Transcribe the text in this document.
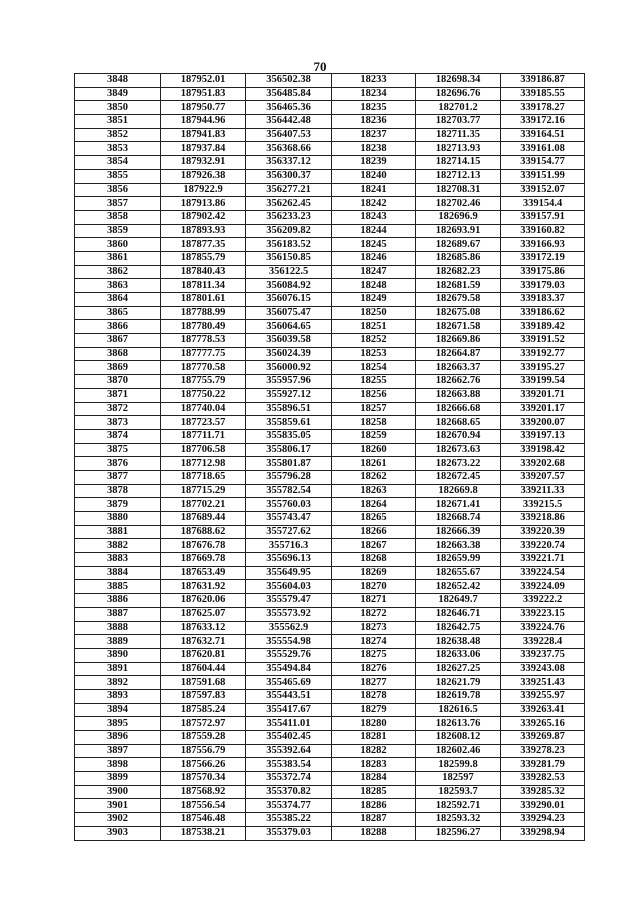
70
3848	187952.01	356502.38	18233	182698.34	339186.87
3849	187951.83	356485.84	18234	182696.76	339185.55
3850	187950.77	356465.36	18235	182701.2	339178.27
3851	187944.96	356442.48	18236	182703.77	339172.16
3852	187941.83	356407.53	18237	182711.35	339164.51
3853	187937.84	356368.66	18238	182713.93	339161.08
3854	187932.91	356337.12	18239	182714.15	339154.77
3855	187926.38	356300.37	18240	182712.13	339151.99
3856	187922.9	356277.21	18241	182708.31	339152.07
3857	187913.86	356262.45	18242	182702.46	339154.4
3858	187902.42	356233.23	18243	182696.9	339157.91
3859	187893.93	356209.82	18244	182693.91	339160.82
3860	187877.35	356183.52	18245	182689.67	339166.93
3861	187855.79	356150.85	18246	182685.86	339172.19
3862	187840.43	356122.5	18247	182682.23	339175.86
3863	187811.34	356084.92	18248	182681.59	339179.03
3864	187801.61	356076.15	18249	182679.58	339183.37
3865	187788.99	356075.47	18250	182675.08	339186.62
3866	187780.49	356064.65	18251	182671.58	339189.42
3867	187778.53	356039.58	18252	182669.86	339191.52
3868	187777.75	356024.39	18253	182664.87	339192.77
3869	187770.58	356000.92	18254	182663.37	339195.27
3870	187755.79	355957.96	18255	182662.76	339199.54
3871	187750.22	355927.12	18256	182663.88	339201.71
3872	187740.04	355896.51	18257	182666.68	339201.17
3873	187723.57	355859.61	18258	182668.65	339200.07
3874	187711.71	355835.05	18259	182670.94	339197.13
3875	187706.58	355806.17	18260	182673.63	339198.42
3876	187712.98	355801.87	18261	182673.22	339202.68
3877	187718.65	355796.28	18262	182672.45	339207.57
3878	187715.29	355782.54	18263	182669.8	339211.33
3879	187702.21	355760.03	18264	182671.41	339215.5
3880	187689.44	355743.47	18265	182668.74	339218.86
3881	187688.62	355727.62	18266	182666.39	339220.39
3882	187676.78	355716.3	18267	182663.38	339220.74
3883	187669.78	355696.13	18268	182659.99	339221.71
3884	187653.49	355649.95	18269	182655.67	339224.54
3885	187631.92	355604.03	18270	182652.42	339224.09
3886	187620.06	355579.47	18271	182649.7	339222.2
3887	187625.07	355573.92	18272	182646.71	339223.15
3888	187633.12	355562.9	18273	182642.75	339224.76
3889	187632.71	355554.98	18274	182638.48	339228.4
3890	187620.81	355529.76	18275	182633.06	339237.75
3891	187604.44	355494.84	18276	182627.25	339243.08
3892	187591.68	355465.69	18277	182621.79	339251.43
3893	187597.83	355443.51	18278	182619.78	339255.97
3894	187585.24	355417.67	18279	182616.5	339263.41
3895	187572.97	355411.01	18280	182613.76	339265.16
3896	187559.28	355402.45	18281	182608.12	339269.87
3897	187556.79	355392.64	18282	182602.46	339278.23
3898	187566.26	355383.54	18283	182599.8	339281.79
3899	187570.34	355372.74	18284	182597	339282.53
3900	187568.92	355370.82	18285	182593.7	339285.32
3901	187556.54	355374.77	18286	182592.71	339290.01
3902	187546.48	355385.22	18287	182593.32	339294.23
3903	187538.21	355379.03	18288	182596.27	339298.94
